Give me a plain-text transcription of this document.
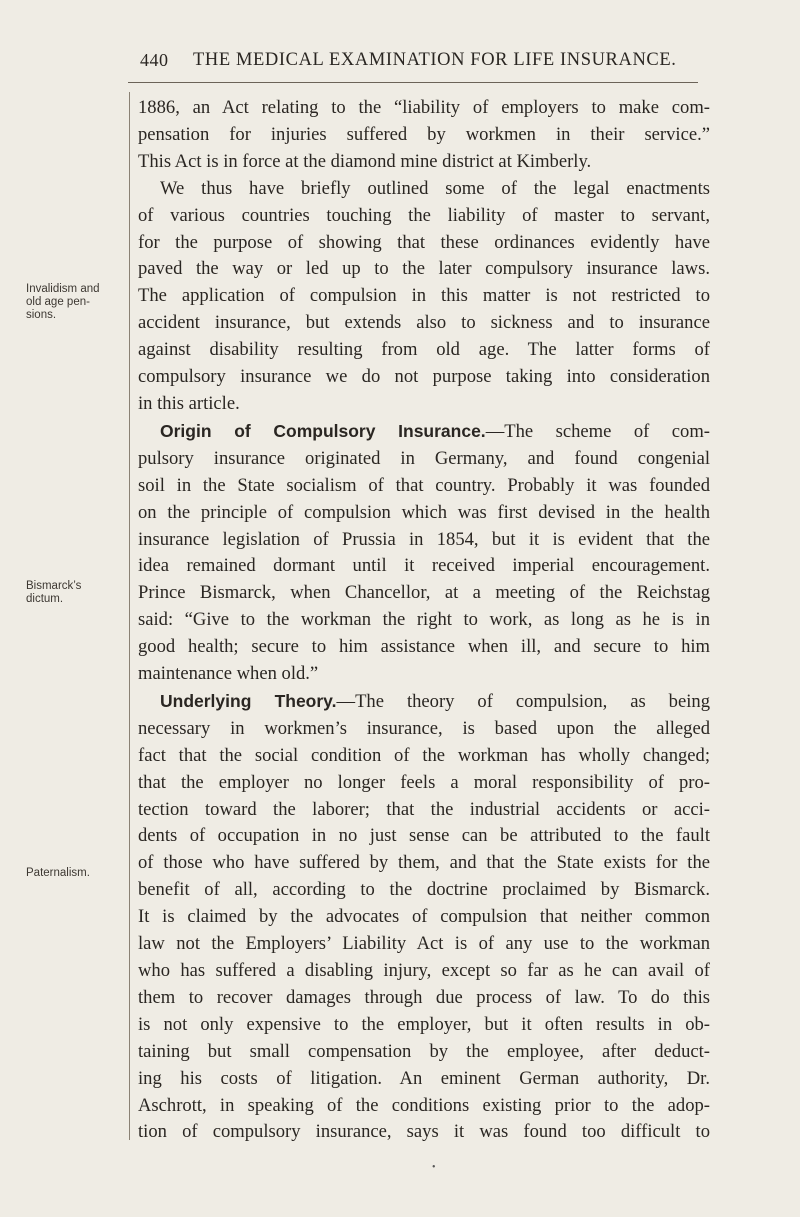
440 THE MEDICAL EXAMINATION FOR LIFE INSURANCE.
Invalidism and
old age pen-
sions.
Bismarck’s
dictum.
Paternalism.
1886, an Act relating to the “liability of employers to make com-
pensation for injuries suffered by workmen in their service.”
This Act is in force at the diamond mine district at Kimberly.
We thus have briefly outlined some of the legal enactments
of various countries touching the liability of master to servant,
for the purpose of showing that these ordinances evidently have
paved the way or led up to the later compulsory insurance laws.
The application of compulsion in this matter is not restricted to
accident insurance, but extends also to sickness and to insurance
against disability resulting from old age. The latter forms of
compulsory insurance we do not purpose taking into consideration
in this article.
Origin of Compulsory Insurance.—The scheme of com-
pulsory insurance originated in Germany, and found congenial
soil in the State socialism of that country. Probably it was founded
on the principle of compulsion which was first devised in the health
insurance legislation of Prussia in 1854, but it is evident that the
idea remained dormant until it received imperial encouragement.
Prince Bismarck, when Chancellor, at a meeting of the Reichstag
said: “Give to the workman the right to work, as long as he is in
good health; secure to him assistance when ill, and secure to him
maintenance when old.”
Underlying Theory.—The theory of compulsion, as being
necessary in workmen’s insurance, is based upon the alleged
fact that the social condition of the workman has wholly changed;
that the employer no longer feels a moral responsibility of pro-
tection toward the laborer; that the industrial accidents or acci-
dents of occupation in no just sense can be attributed to the fault
of those who have suffered by them, and that the State exists for the
benefit of all, according to the doctrine proclaimed by Bismarck.
It is claimed by the advocates of compulsion that neither common
law not the Employers’ Liability Act is of any use to the workman
who has suffered a disabling injury, except so far as he can avail of
them to recover damages through due process of law. To do this
is not only expensive to the employer, but it often results in ob-
taining but small compensation by the employee, after deduct-
ing his costs of litigation. An eminent German authority, Dr.
Aschrott, in speaking of the conditions existing prior to the adop-
tion of compulsory insurance, says it was found too difficult to
•
